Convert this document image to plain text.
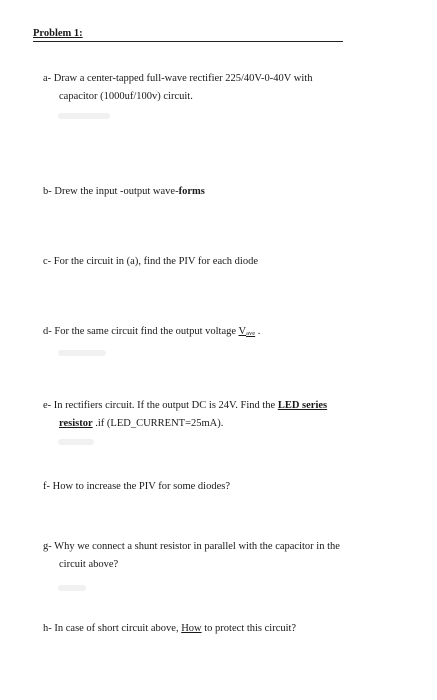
Problem 1:
a- Draw a center-tapped full-wave rectifier 225/40V-0-40V with
capacitor (1000uf/100v) circuit.
b- Drew the input -output wave-forms
c- For the circuit in (a), find the PIV for each diode
d- For the same circuit find the output voltage Vave .
e- In rectifiers circuit. If the output DC is 24V. Find the LED series
resistor .if (LED_CURRENT=25mA).
f- How to increase the PIV for some diodes?
g- Why we connect a shunt resistor in parallel with the capacitor in the
circuit above?
h- In case of short circuit above, How to protect this circuit?
